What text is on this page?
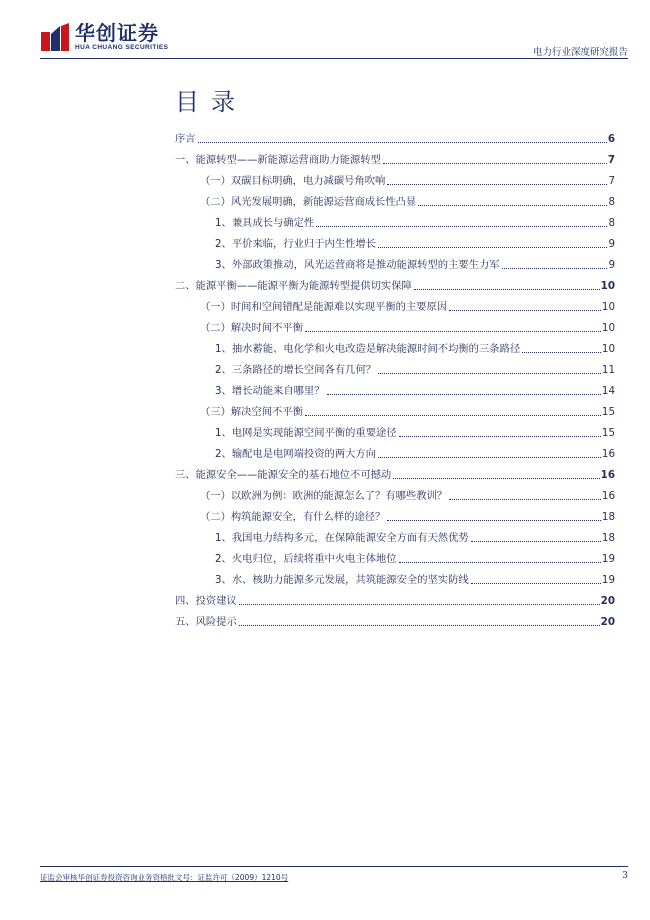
华创证券
HUA CHUANG SECURITIES	电力行业深度研究报告
目录
序言	6
一、能源转型——新能源运营商助力能源转型	7
（一）双碳目标明确，电力减碳号角吹响	7
（二）风光发展明确，新能源运营商成长性凸显	8
1、兼具成长与确定性	8
2、平价来临，行业归于内生性增长	9
3、外部政策推动，风光运营商将是推动能源转型的主要生力军	9
二、能源平衡——能源平衡为能源转型提供切实保障	10
（一）时间和空间错配是能源难以实现平衡的主要原因	10
（二）解决时间不平衡	10
1、抽水蓄能、电化学和火电改造是解决能源时间不均衡的三条路径	10
2、三条路径的增长空间各有几何？	11
3、增长动能来自哪里？	14
（三）解决空间不平衡	15
1、电网是实现能源空间平衡的重要途径	15
2、输配电是电网端投资的两大方向	16
三、能源安全——能源安全的基石地位不可撼动	16
（一）以欧洲为例：欧洲的能源怎么了？有哪些教训？	16
（二）构筑能源安全，有什么样的途径？	18
1、我国电力结构多元，在保障能源安全方面有天然优势	18
2、火电归位，后续将重中火电主体地位	19
3、水、核助力能源多元发展，共筑能源安全的坚实防线	19
四、投资建议	20
五、风险提示	20
证监会审核华创证券投资咨询业务资格批文号：证监许可（2009）1210号	3
